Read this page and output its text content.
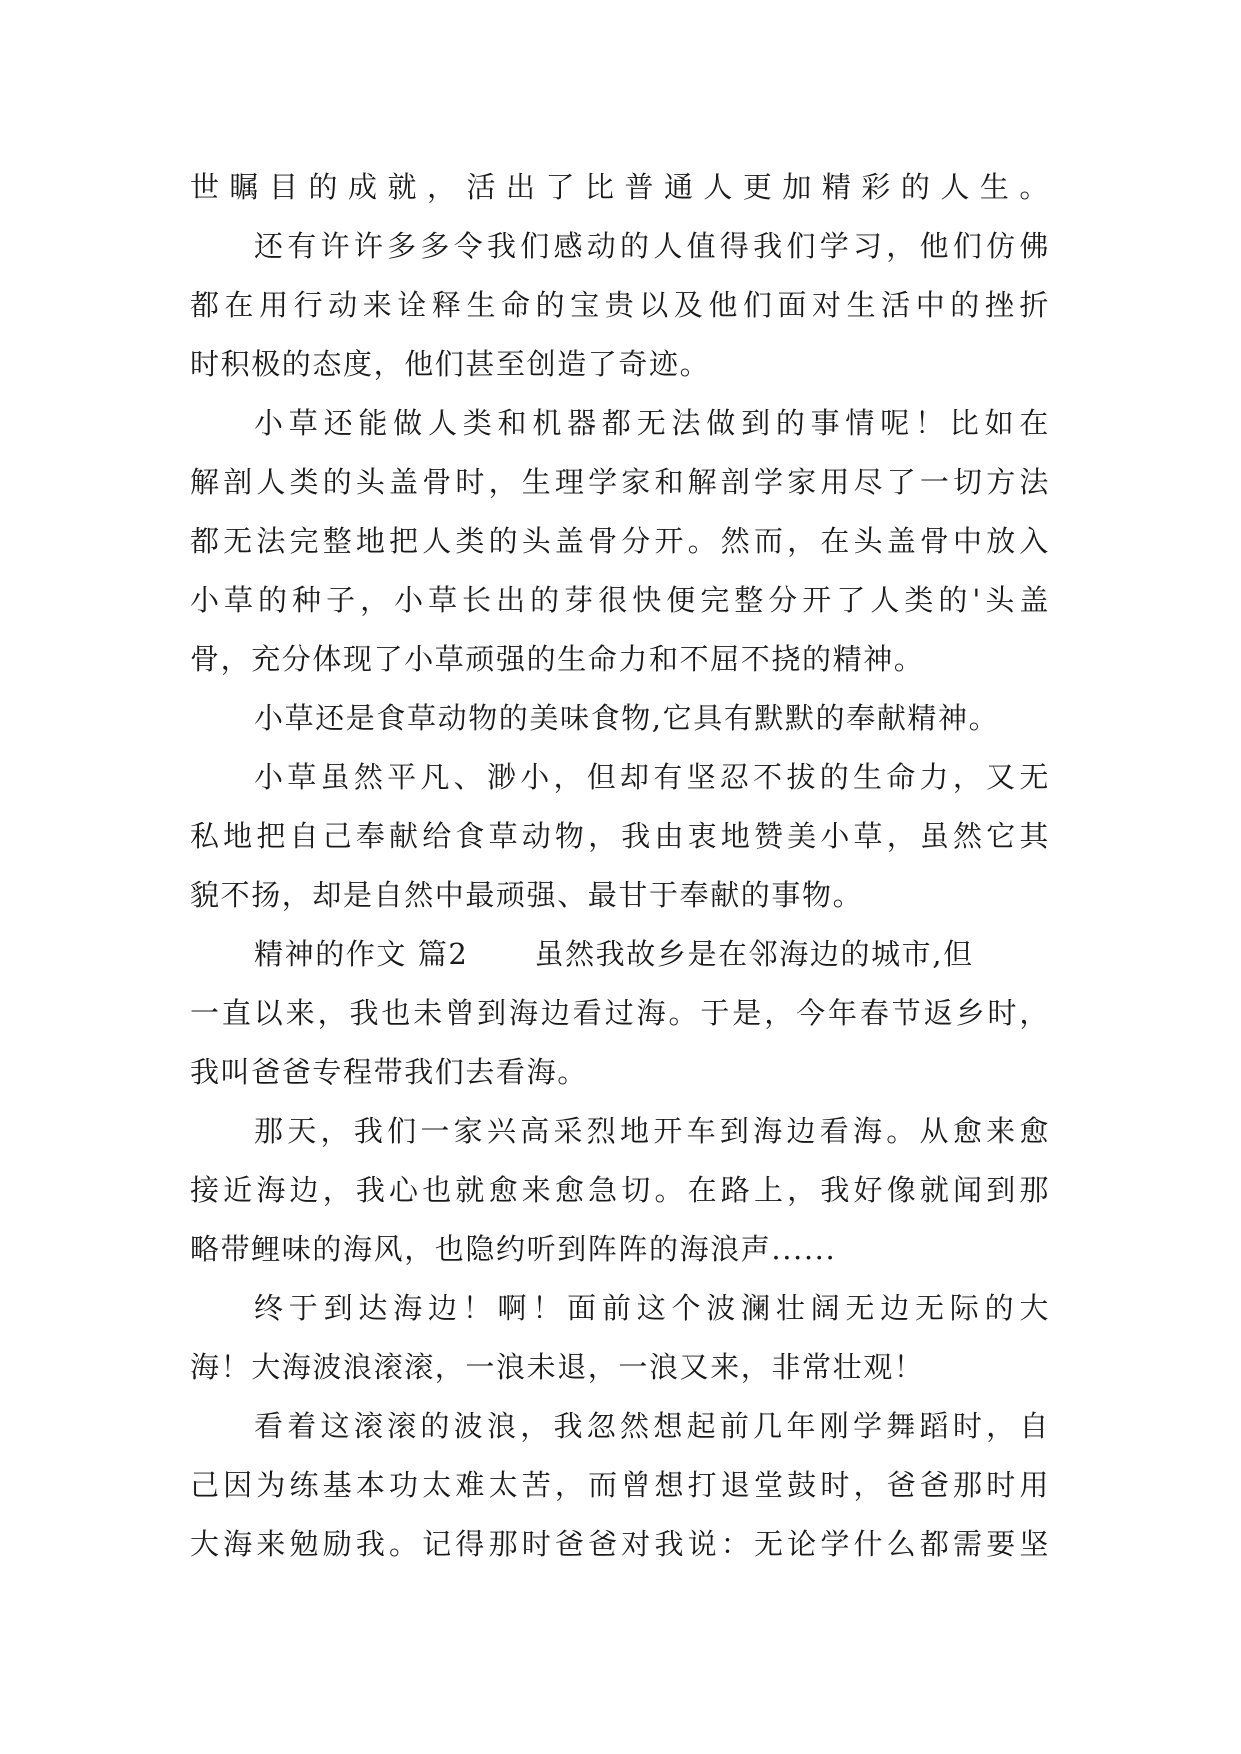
世瞩目的成就，活出了比普通人更加精彩的人生。
还有许许多多令我们感动的人值得我们学习，他们仿佛
都在用行动来诠释生命的宝贵以及他们面对生活中的挫折
时积极的态度，他们甚至创造了奇迹。
小草还能做人类和机器都无法做到的事情呢！比如在
解剖人类的头盖骨时，生理学家和解剖学家用尽了一切方法
都无法完整地把人类的头盖骨分开。然而，在头盖骨中放入
小草的种子，小草长出的芽很快便完整分开了人类的'头盖
骨，充分体现了小草顽强的生命力和不屈不挠的精神。
小草还是食草动物的美味食物,它具有默默的奉献精神。
小草虽然平凡、渺小，但却有坚忍不拔的生命力，又无
私地把自己奉献给食草动物，我由衷地赞美小草，虽然它其
貌不扬，却是自然中最顽强、最甘于奉献的事物。
精神的作文 篇2 虽然我故乡是在邻海边的城市,但
一直以来，我也未曾到海边看过海。于是，今年春节返乡时，
我叫爸爸专程带我们去看海。
那天，我们一家兴高采烈地开车到海边看海。从愈来愈
接近海边，我心也就愈来愈急切。在路上，我好像就闻到那
略带鲤味的海风，也隐约听到阵阵的海浪声......
终于到达海边！啊！面前这个波澜壮阔无边无际的大
海！大海波浪滚滚，一浪未退，一浪又来，非常壮观！
看着这滚滚的波浪，我忽然想起前几年刚学舞蹈时，自
己因为练基本功太难太苦，而曾想打退堂鼓时，爸爸那时用
大海来勉励我。记得那时爸爸对我说：无论学什么都需要坚
